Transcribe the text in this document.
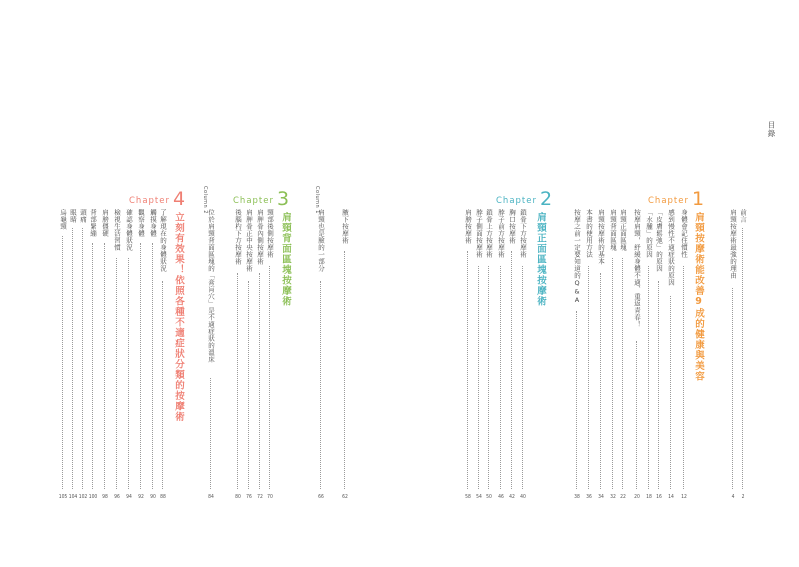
目錄
Chapter 1
Chapter 2
Chapter 3
Chapter 4
肩頸按摩術能改善9成的健康與美容
肩頸正面區塊按摩術
肩頸背面區塊按摩術
立刻有效果！依照各種不適症狀分類的按摩術
Column 1
Column 2
前言
2
肩頸按摩術最強的理由
4
身體會記住慣性
12
感到慢性不適症狀的原因
14
「皮膚鬆弛」的原因
16
「水腫」的原因
18
按摩肩頸，紓緩身體不適、重返青春！
20
肩頸正面區塊
22
肩頸背面區塊
32
肩頸按摩術的基本
34
本書的使用方法
36
按摩之前一定要知道的Q&A
38
鎖骨下方按摩術
40
胸口按摩術
42
脖子前方按摩術
46
鎖骨上方按摩術
50
脖子側面按摩術
54
肩膀按摩術
58
腋下按摩術
62
肩頸也是臉的一部分
66
頸部後側按摩術
70
肩胛骨內側按摩術
72
肩胛骨正中央按摩術
76
後腦杓下方按摩術
80
位於肩頸背面區塊的「膏肓穴」是不適症狀的溫床
84
了解現在的身體狀況
88
觸摸身體
90
觀察身體
92
確認身體狀況
94
檢視生活習慣
96
肩膀僵硬
98
背部緊繃
100
頭痛
102
眼睛
104
烏龜頸
105
